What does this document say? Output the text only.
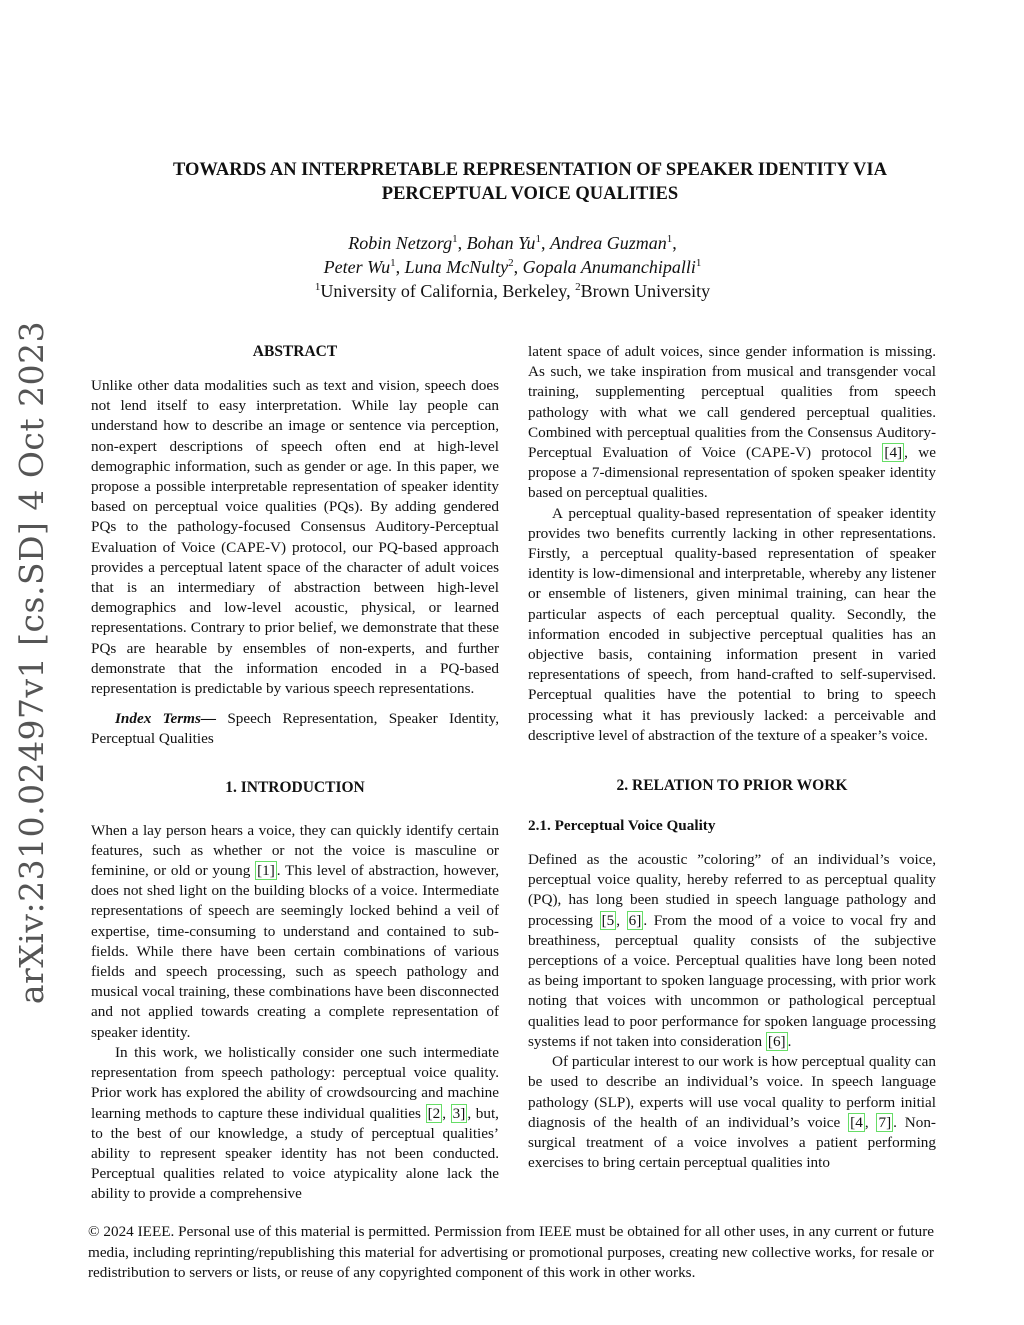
arXiv:2310.02497v1 [cs.SD] 4 Oct 2023
TOWARDS AN INTERPRETABLE REPRESENTATION OF SPEAKER IDENTITY VIA
PERCEPTUAL VOICE QUALITIES
Robin Netzorg$^1$, Bohan Yu$^1$, Andrea Guzman$^1$,
Peter Wu$^1$, Luna McNulty$^2$, Gopala Anumanchipalli$^1$
$^1$University of California, Berkeley, $^2$Brown University

ABSTRACT

Unlike other data modalities such as text and vision, speech does not lend itself to easy interpretation. While lay people can understand how to describe an image or sentence via perception, non-expert descriptions of speech often end at high-level demographic information, such as gender or age. In this paper, we propose a possible interpretable representation of speaker identity based on perceptual voice qualities (PQs). By adding gendered PQs to the pathology-focused Consensus Auditory-Perceptual Evaluation of Voice (CAPE-V) protocol, our PQ-based approach provides a perceptual latent space of the character of adult voices that is an intermediary of abstraction between high-level demographics and low-level acoustic, physical, or learned representations. Contrary to prior belief, we demonstrate that these PQs are hearable by ensembles of non-experts, and further demonstrate that the information encoded in a PQ-based representation is predictable by various speech representations.

Index Terms— Speech Representation, Speaker Identity, Perceptual Qualities

1. INTRODUCTION

When a lay person hears a voice, they can quickly identify certain features, such as whether or not the voice is masculine or feminine, or old or young [1] . This level of abstraction, however, does not shed light on the building blocks of a voice. Intermediate representations of speech are seemingly locked behind a veil of expertise, time-consuming to understand and contained to sub-fields. While there have been certain combinations of various fields and speech processing, such as speech pathology and musical vocal training, these combinations have been disconnected and not applied towards creating a complete representation of speaker identity.

In this work, we holistically consider one such intermediate representation from speech pathology: perceptual voice quality. Prior work has explored the ability of crowdsourcing and machine learning methods to capture these individual qualities [2 , 3] , but, to the best of our knowledge, a study of perceptual qualities’ ability to represent speaker identity has not been conducted. Perceptual qualities related to voice atypicality alone lack the ability to provide a comprehensive

latent space of adult voices, since gender information is missing. As such, we take inspiration from musical and transgender vocal training, supplementing perceptual qualities from speech pathology with what we call gendered perceptual qualities. Combined with perceptual qualities from the Consensus Auditory-Perceptual Evaluation of Voice (CAPE-V) protocol [4] , we propose a 7-dimensional representation of spoken speaker identity based on perceptual qualities.

A perceptual quality-based representation of speaker identity provides two benefits currently lacking in other representations. Firstly, a perceptual quality-based representation of speaker identity is low-dimensional and interpretable, whereby any listener or ensemble of listeners, given minimal training, can hear the particular aspects of each perceptual quality. Secondly, the information encoded in subjective perceptual qualities has an objective basis, containing information present in varied representations of speech, from hand-crafted to self-supervised. Perceptual qualities have the potential to bring to speech processing what it has previously lacked: a perceivable and descriptive level of abstraction of the texture of a speaker’s voice.

2. RELATION TO PRIOR WORK

2.1. Perceptual Voice Quality

Defined as the acoustic ”coloring” of an individual’s voice, perceptual voice quality, hereby referred to as perceptual quality (PQ), has long been studied in speech language pathology and processing [5 , 6] . From the mood of a voice to vocal fry and breathiness, perceptual quality consists of the subjective perceptions of a voice. Perceptual qualities have long been noted as being important to spoken language processing, with prior work noting that voices with uncommon or pathological perceptual qualities lead to poor performance for spoken language processing systems if not taken into consideration [6] .

Of particular interest to our work is how perceptual quality can be used to describe an individual’s voice. In speech language pathology (SLP), experts will use vocal quality to perform initial diagnosis of the health of an individual’s voice [4 , 7] . Non-surgical treatment of a voice involves a patient performing exercises to bring certain perceptual qualities into

© 2024 IEEE. Personal use of this material is permitted. Permission from IEEE must be obtained for all other uses, in any current or future media, including reprinting/republishing this material for advertising or promotional purposes, creating new collective works, for resale or redistribution to servers or lists, or reuse of any copyrighted component of this work in other works.
